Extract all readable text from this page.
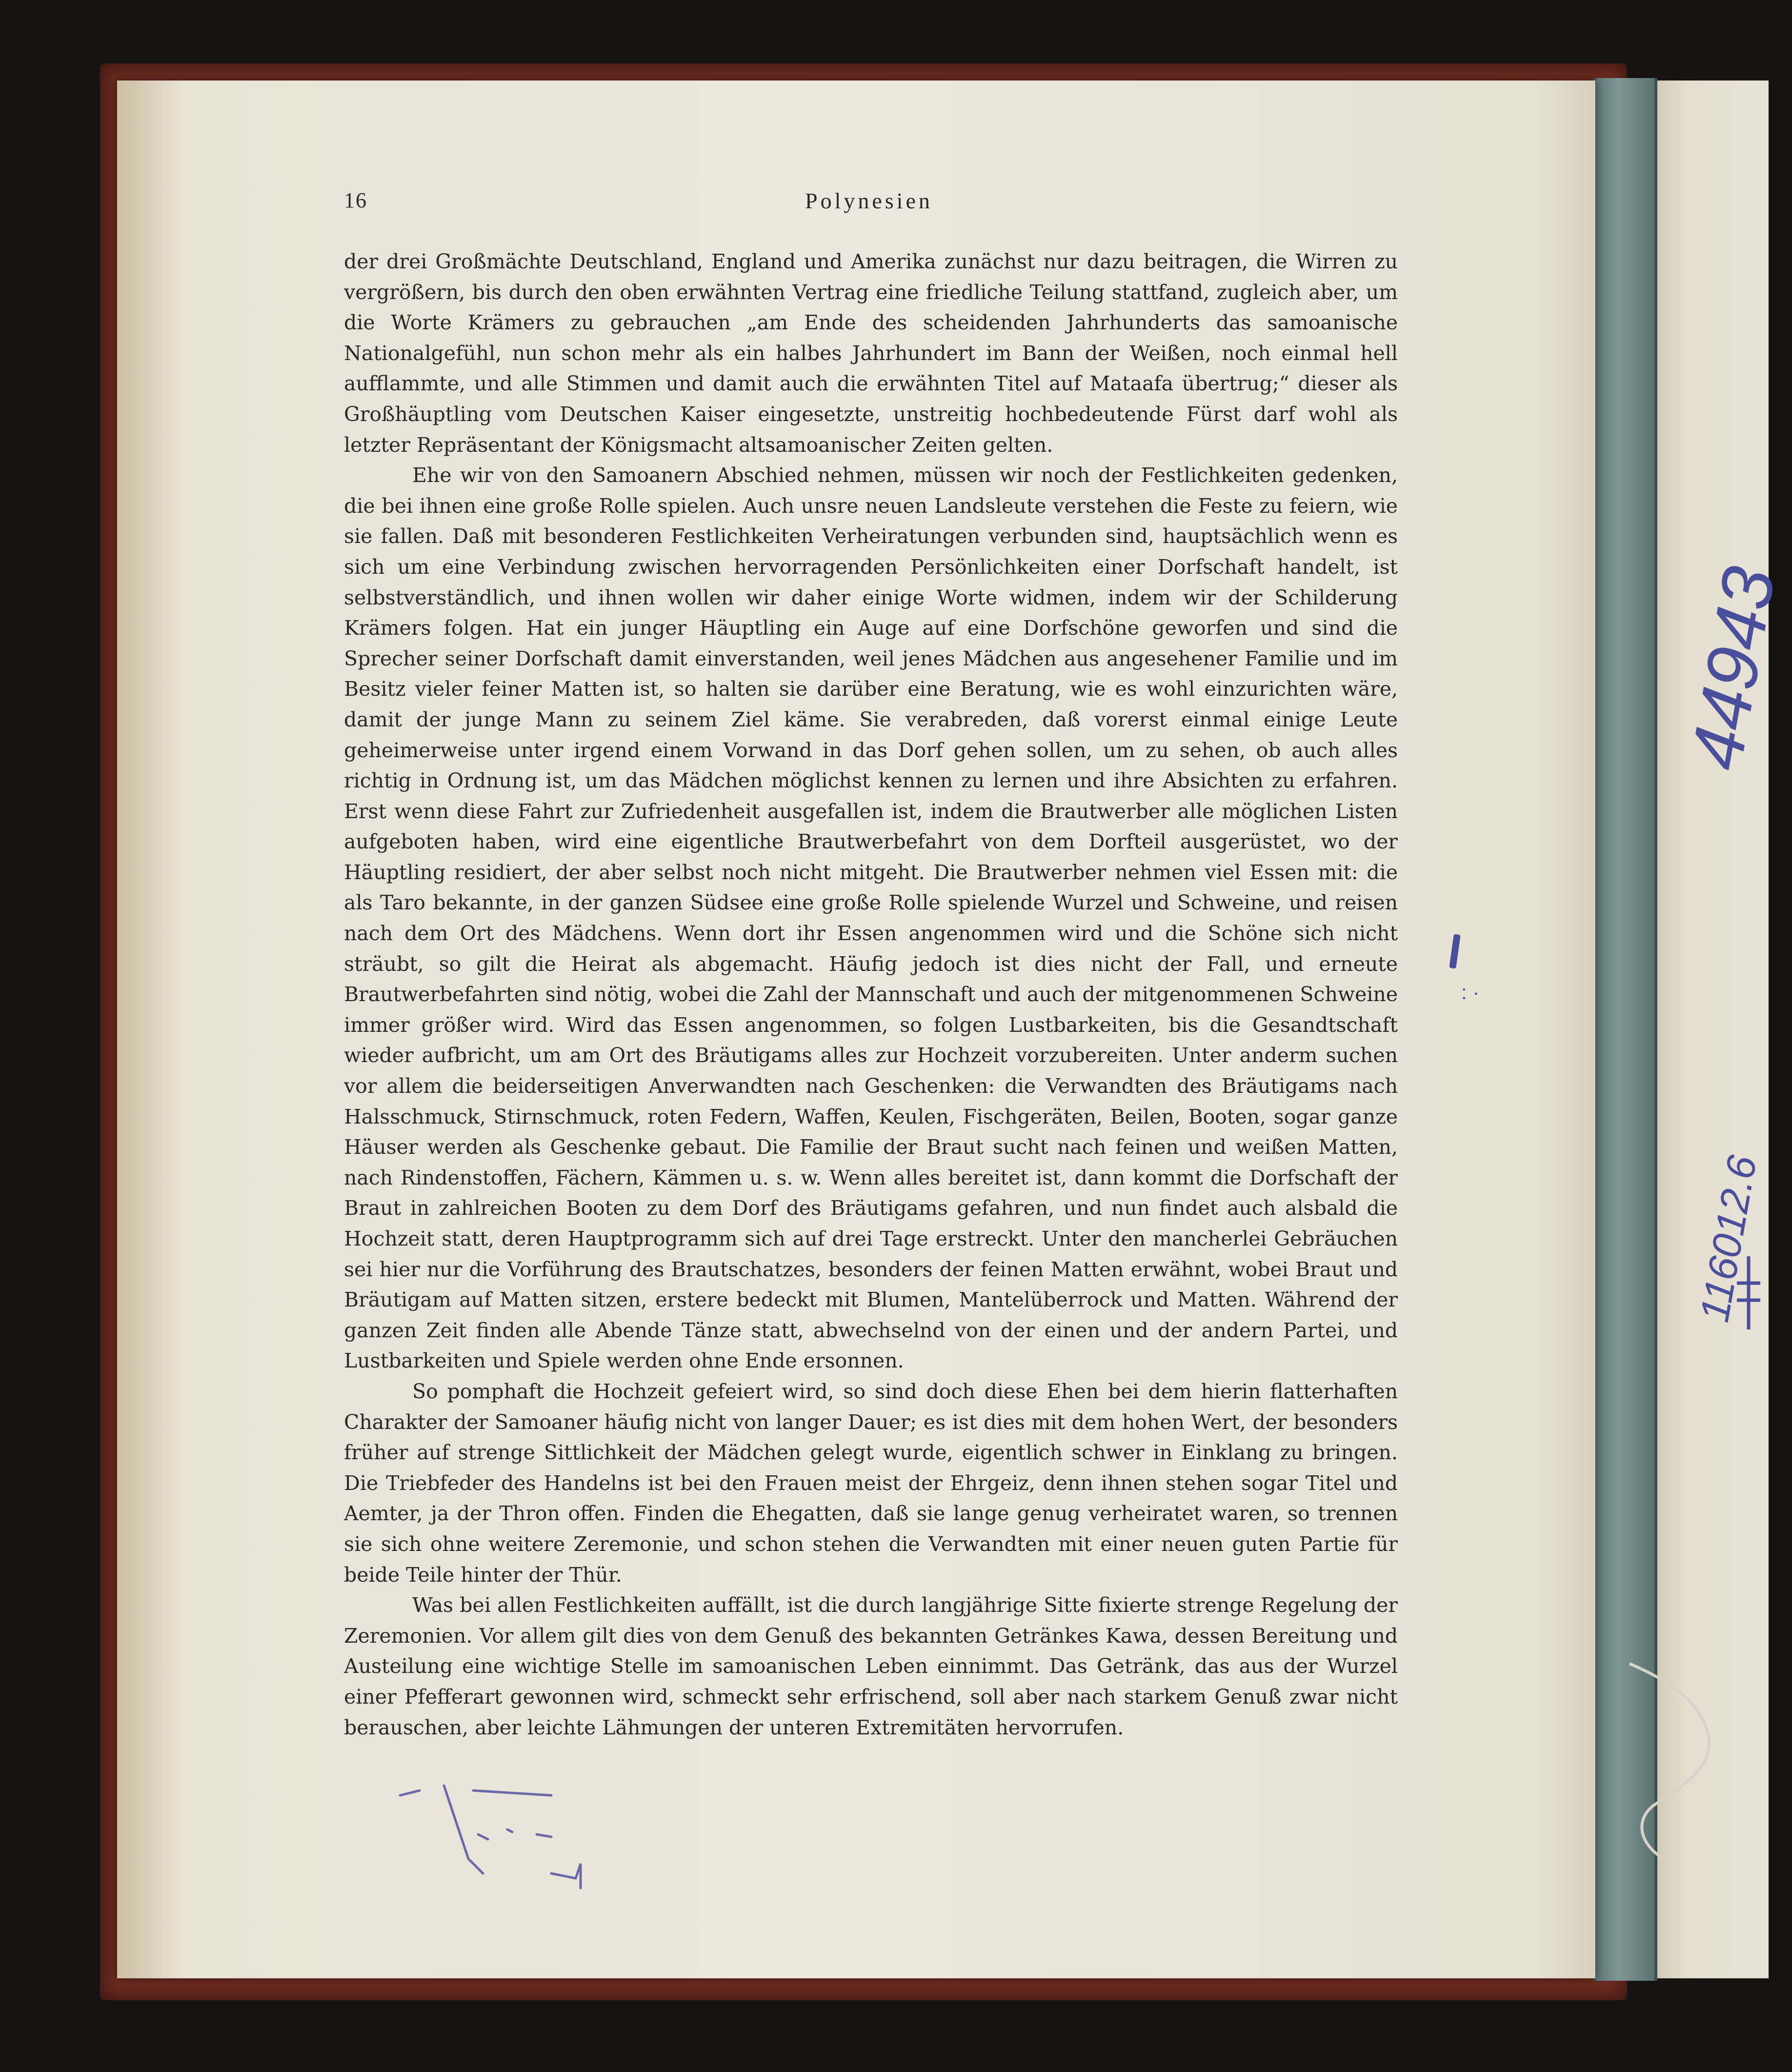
16	Polynesien

der drei Großmächte Deutschland, England und Amerika zunächst nur dazu beitragen, die Wirren zu vergrößern, bis durch den oben erwähnten Vertrag eine friedliche Teilung stattfand, zugleich aber, um die Worte Krämers zu gebrauchen „am Ende des scheidenden Jahrhunderts das samoanische Nationalgefühl, nun schon mehr als ein halbes Jahrhundert im Bann der Weißen, noch einmal hell aufflammte, und alle Stimmen und damit auch die erwähnten Titel auf Mataafa übertrug;“ dieser als Großhäuptling vom Deutschen Kaiser eingesetzte, unstreitig hochbedeutende Fürst darf wohl als letzter Repräsentant der Königsmacht altsamoanischer Zeiten gelten.

Ehe wir von den Samoanern Abschied nehmen, müssen wir noch der Festlichkeiten gedenken, die bei ihnen eine große Rolle spielen. Auch unsre neuen Landsleute verstehen die Feste zu feiern, wie sie fallen. Daß mit besonderen Festlichkeiten Verheiratungen verbunden sind, hauptsächlich wenn es sich um eine Verbindung zwischen hervorragenden Persönlichkeiten einer Dorfschaft handelt, ist selbstverständlich, und ihnen wollen wir daher einige Worte widmen, indem wir der Schilderung Krämers folgen. Hat ein junger Häuptling ein Auge auf eine Dorfschöne geworfen und sind die Sprecher seiner Dorfschaft damit einverstanden, weil jenes Mädchen aus angesehener Familie und im Besitz vieler feiner Matten ist, so halten sie darüber eine Beratung, wie es wohl einzurichten wäre, damit der junge Mann zu seinem Ziel käme. Sie verabreden, daß vorerst einmal einige Leute geheimerweise unter irgend einem Vorwand in das Dorf gehen sollen, um zu sehen, ob auch alles richtig in Ordnung ist, um das Mädchen möglichst kennen zu lernen und ihre Absichten zu erfahren. Erst wenn diese Fahrt zur Zufriedenheit ausgefallen ist, indem die Brautwerber alle möglichen Listen aufgeboten haben, wird eine eigentliche Brautwerbefahrt von dem Dorfteil ausgerüstet, wo der Häuptling residiert, der aber selbst noch nicht mitgeht. Die Brautwerber nehmen viel Essen mit: die als Taro bekannte, in der ganzen Südsee eine große Rolle spielende Wurzel und Schweine, und reisen nach dem Ort des Mädchens. Wenn dort ihr Essen angenommen wird und die Schöne sich nicht sträubt, so gilt die Heirat als abgemacht. Häufig jedoch ist dies nicht der Fall, und erneute Brautwerbefahrten sind nötig, wobei die Zahl der Mannschaft und auch der mitgenommenen Schweine immer größer wird. Wird das Essen angenommen, so folgen Lustbarkeiten, bis die Gesandtschaft wieder aufbricht, um am Ort des Bräutigams alles zur Hochzeit vorzubereiten. Unter anderm suchen vor allem die beiderseitigen Anverwandten nach Geschenken: die Verwandten des Bräutigams nach Halsschmuck, Stirnschmuck, roten Federn, Waffen, Keulen, Fischgeräten, Beilen, Booten, sogar ganze Häuser werden als Geschenke gebaut. Die Familie der Braut sucht nach feinen und weißen Matten, nach Rindenstoffen, Fächern, Kämmen u. s. w. Wenn alles bereitet ist, dann kommt die Dorfschaft der Braut in zahlreichen Booten zu dem Dorf des Bräutigams gefahren, und nun findet auch alsbald die Hochzeit statt, deren Hauptprogramm sich auf drei Tage erstreckt. Unter den mancherlei Gebräuchen sei hier nur die Vorführung des Brautschatzes, besonders der feinen Matten erwähnt, wobei Braut und Bräutigam auf Matten sitzen, erstere bedeckt mit Blumen, Mantelüberrock und Matten. Während der ganzen Zeit finden alle Abende Tänze statt, abwechselnd von der einen und der andern Partei, und Lustbarkeiten und Spiele werden ohne Ende ersonnen.

So pomphaft die Hochzeit gefeiert wird, so sind doch diese Ehen bei dem hierin flatterhaften Charakter der Samoaner häufig nicht von langer Dauer; es ist dies mit dem hohen Wert, der besonders früher auf strenge Sittlichkeit der Mädchen gelegt wurde, eigentlich schwer in Einklang zu bringen. Die Triebfeder des Handelns ist bei den Frauen meist der Ehrgeiz, denn ihnen stehen sogar Titel und Aemter, ja der Thron offen. Finden die Ehegatten, daß sie lange genug verheiratet waren, so trennen sie sich ohne weitere Zeremonie, und schon stehen die Verwandten mit einer neuen guten Partie für beide Teile hinter der Thür.

Was bei allen Festlichkeiten auffällt, ist die durch langjährige Sitte fixierte strenge Regelung der Zeremonien. Vor allem gilt dies von dem Genuß des bekannten Getränkes Kawa, dessen Bereitung und Austeilung eine wichtige Stelle im samoanischen Leben einnimmt. Das Getränk, das aus der Wurzel einer Pfefferart gewonnen wird, schmeckt sehr erfrischend, soll aber nach starkem Genuß zwar nicht berauschen, aber leichte Lähmungen der unteren Extremitäten hervorrufen.

: ·
44943
116012.6
